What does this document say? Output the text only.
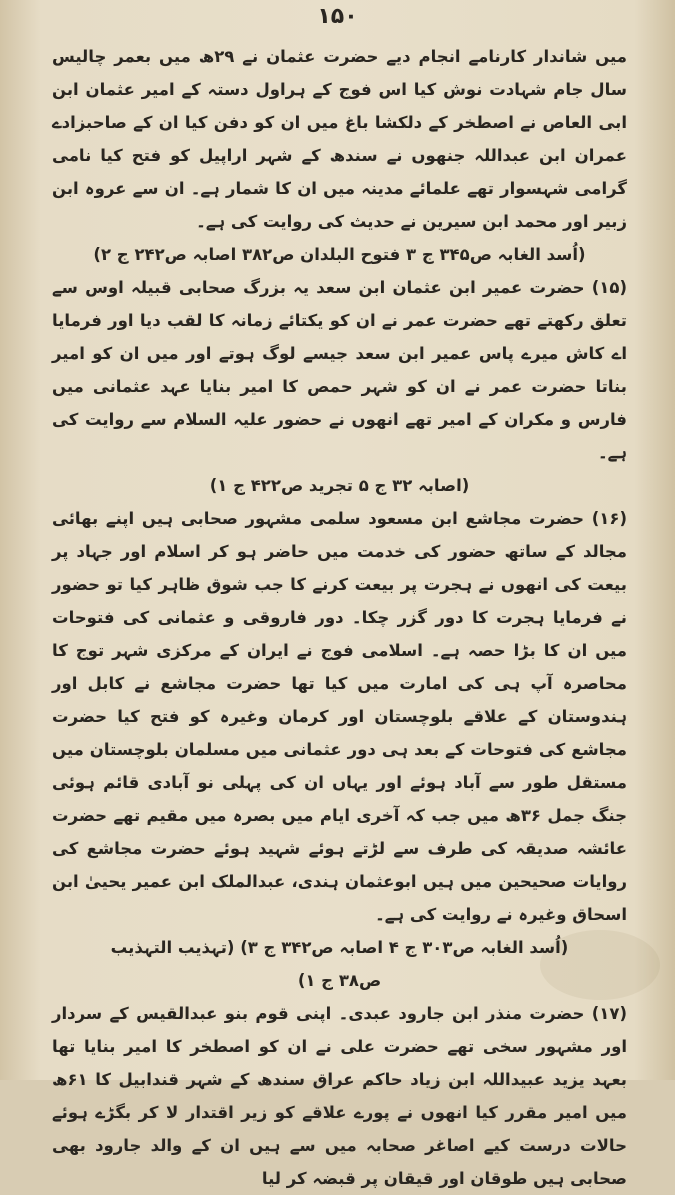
۱۵۰

میں شاندار کارنامے انجام دیے حضرت عثمان نے ۲۹ھ میں بعمر چالیس سال جام شہادت نوش کیا اس فوج کے ہراول دستہ کے امیر عثمان ابن ابی العاص نے اصطخر کے دلکشا باغ میں ان کو دفن کیا ان کے صاحبزادے عمران ابن عبداللہ جنھوں نے سندھ کے شہر اراپیل کو فتح کیا نامی گرامی شہسوار تھے علمائے مدینہ میں ان کا شمار ہے۔ ان سے عروہ ابن زبیر اور محمد ابن سیرین نے حدیث کی روایت کی ہے۔

(اُسد الغابہ ص۳۴۵ ج ۳ فتوح البلدان ص۳۸۲ اصابہ ص۲۴۲ ج ۲)

(۱۵) حضرت عمیر ابن عثمان ابن سعد یہ بزرگ صحابی قبیلہ اوس سے تعلق رکھتے تھے حضرت عمر نے ان کو یکتائے زمانہ کا لقب دیا اور فرمایا اے کاش میرے پاس عمیر ابن سعد جیسے لوگ ہوتے اور میں ان کو امیر بناتا حضرت عمر نے ان کو شہر حمص کا امیر بنایا عہد عثمانی میں فارس و مکران کے امیر تھے انھوں نے حضور علیہ السلام سے روایت کی ہے۔

(اصابہ ۳۲ ج ۵ تجرید ص۴۲۲ ج ۱)

(۱۶) حضرت مجاشع ابن مسعود سلمی مشہور صحابی ہیں اپنے بھائی مجالد کے ساتھ حضور کی خدمت میں حاضر ہو کر اسلام اور جہاد پر بیعت کی انھوں نے ہجرت پر بیعت کرنے کا جب شوق ظاہر کیا تو حضور نے فرمایا ہجرت کا دور گزر چکا۔ دور فاروقی و عثمانی کی فتوحات میں ان کا بڑا حصہ ہے۔ اسلامی فوج نے ایران کے مرکزی شہر توج کا محاصرہ آپ ہی کی امارت میں کیا تھا حضرت مجاشع نے کابل اور ہندوستان کے علاقے بلوچستان اور کرمان وغیرہ کو فتح کیا حضرت مجاشع کی فتوحات کے بعد ہی دور عثمانی میں مسلمان بلوچستان میں مستقل طور سے آباد ہوئے اور یہاں ان کی پہلی نو آبادی قائم ہوئی جنگ جمل ۳۶ھ میں جب کہ آخری ایام میں بصرہ میں مقیم تھے حضرت عائشہ صدیقہ کی طرف سے لڑتے ہوئے شہید ہوئے حضرت مجاشع کی روایات صحیحین میں ہیں ابوعثمان ہندی، عبدالملک ابن عمیر یحییٰ ابن اسحاق وغیرہ نے روایت کی ہے۔

(اُسد الغابہ ص۳۰۳ ج ۴ اصابہ ص۳۴۲ ج ۳) (تہذیب التہذیب ص۳۸ ج ۱)

(۱۷) حضرت منذر ابن جارود عبدی۔ اپنی قوم بنو عبدالقیس کے سردار اور مشہور سخی تھے حضرت علی نے ان کو اصطخر کا امیر بنایا تھا بعہد یزید عبیداللہ ابن زیاد حاکم عراق سندھ کے شہر قندابیل کا ۶۱ھ میں امیر مقرر کیا انھوں نے پورے علاقے کو زیر اقتدار لا کر بگڑے ہوئے حالات درست کیے اصاغر صحابہ میں سے ہیں ان کے والد جارود بھی صحابی ہیں طوقان اور قیقان پر قبضہ کر لیا
